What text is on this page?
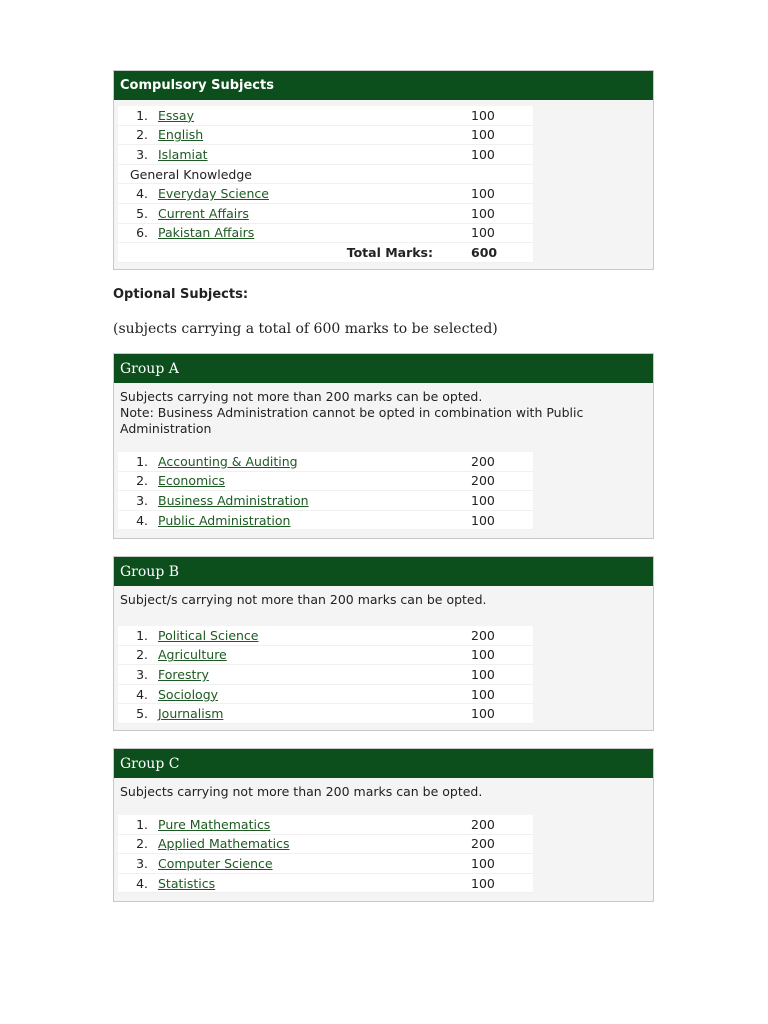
Compulsory Subjects
1. Essay	100
2. English	100
3. Islamiat	100
General Knowledge
4. Everyday Science	100
5. Current Affairs	100
6. Pakistan Affairs	100
Total Marks:	600
Optional Subjects:
(subjects carrying a total of 600 marks to be selected)
Group A
Subjects carrying not more than 200 marks can be opted.
Note: Business Administration cannot be opted in combination with Public Administration
1. Accounting & Auditing	200
2. Economics	200
3. Business Administration	100
4. Public Administration	100
Group B
Subject/s carrying not more than 200 marks can be opted.
1. Political Science	200
2. Agriculture	100
3. Forestry	100
4. Sociology	100
5. Journalism	100
Group C
Subjects carrying not more than 200 marks can be opted.
1. Pure Mathematics	200
2. Applied Mathematics	200
3. Computer Science	100
4. Statistics	100
